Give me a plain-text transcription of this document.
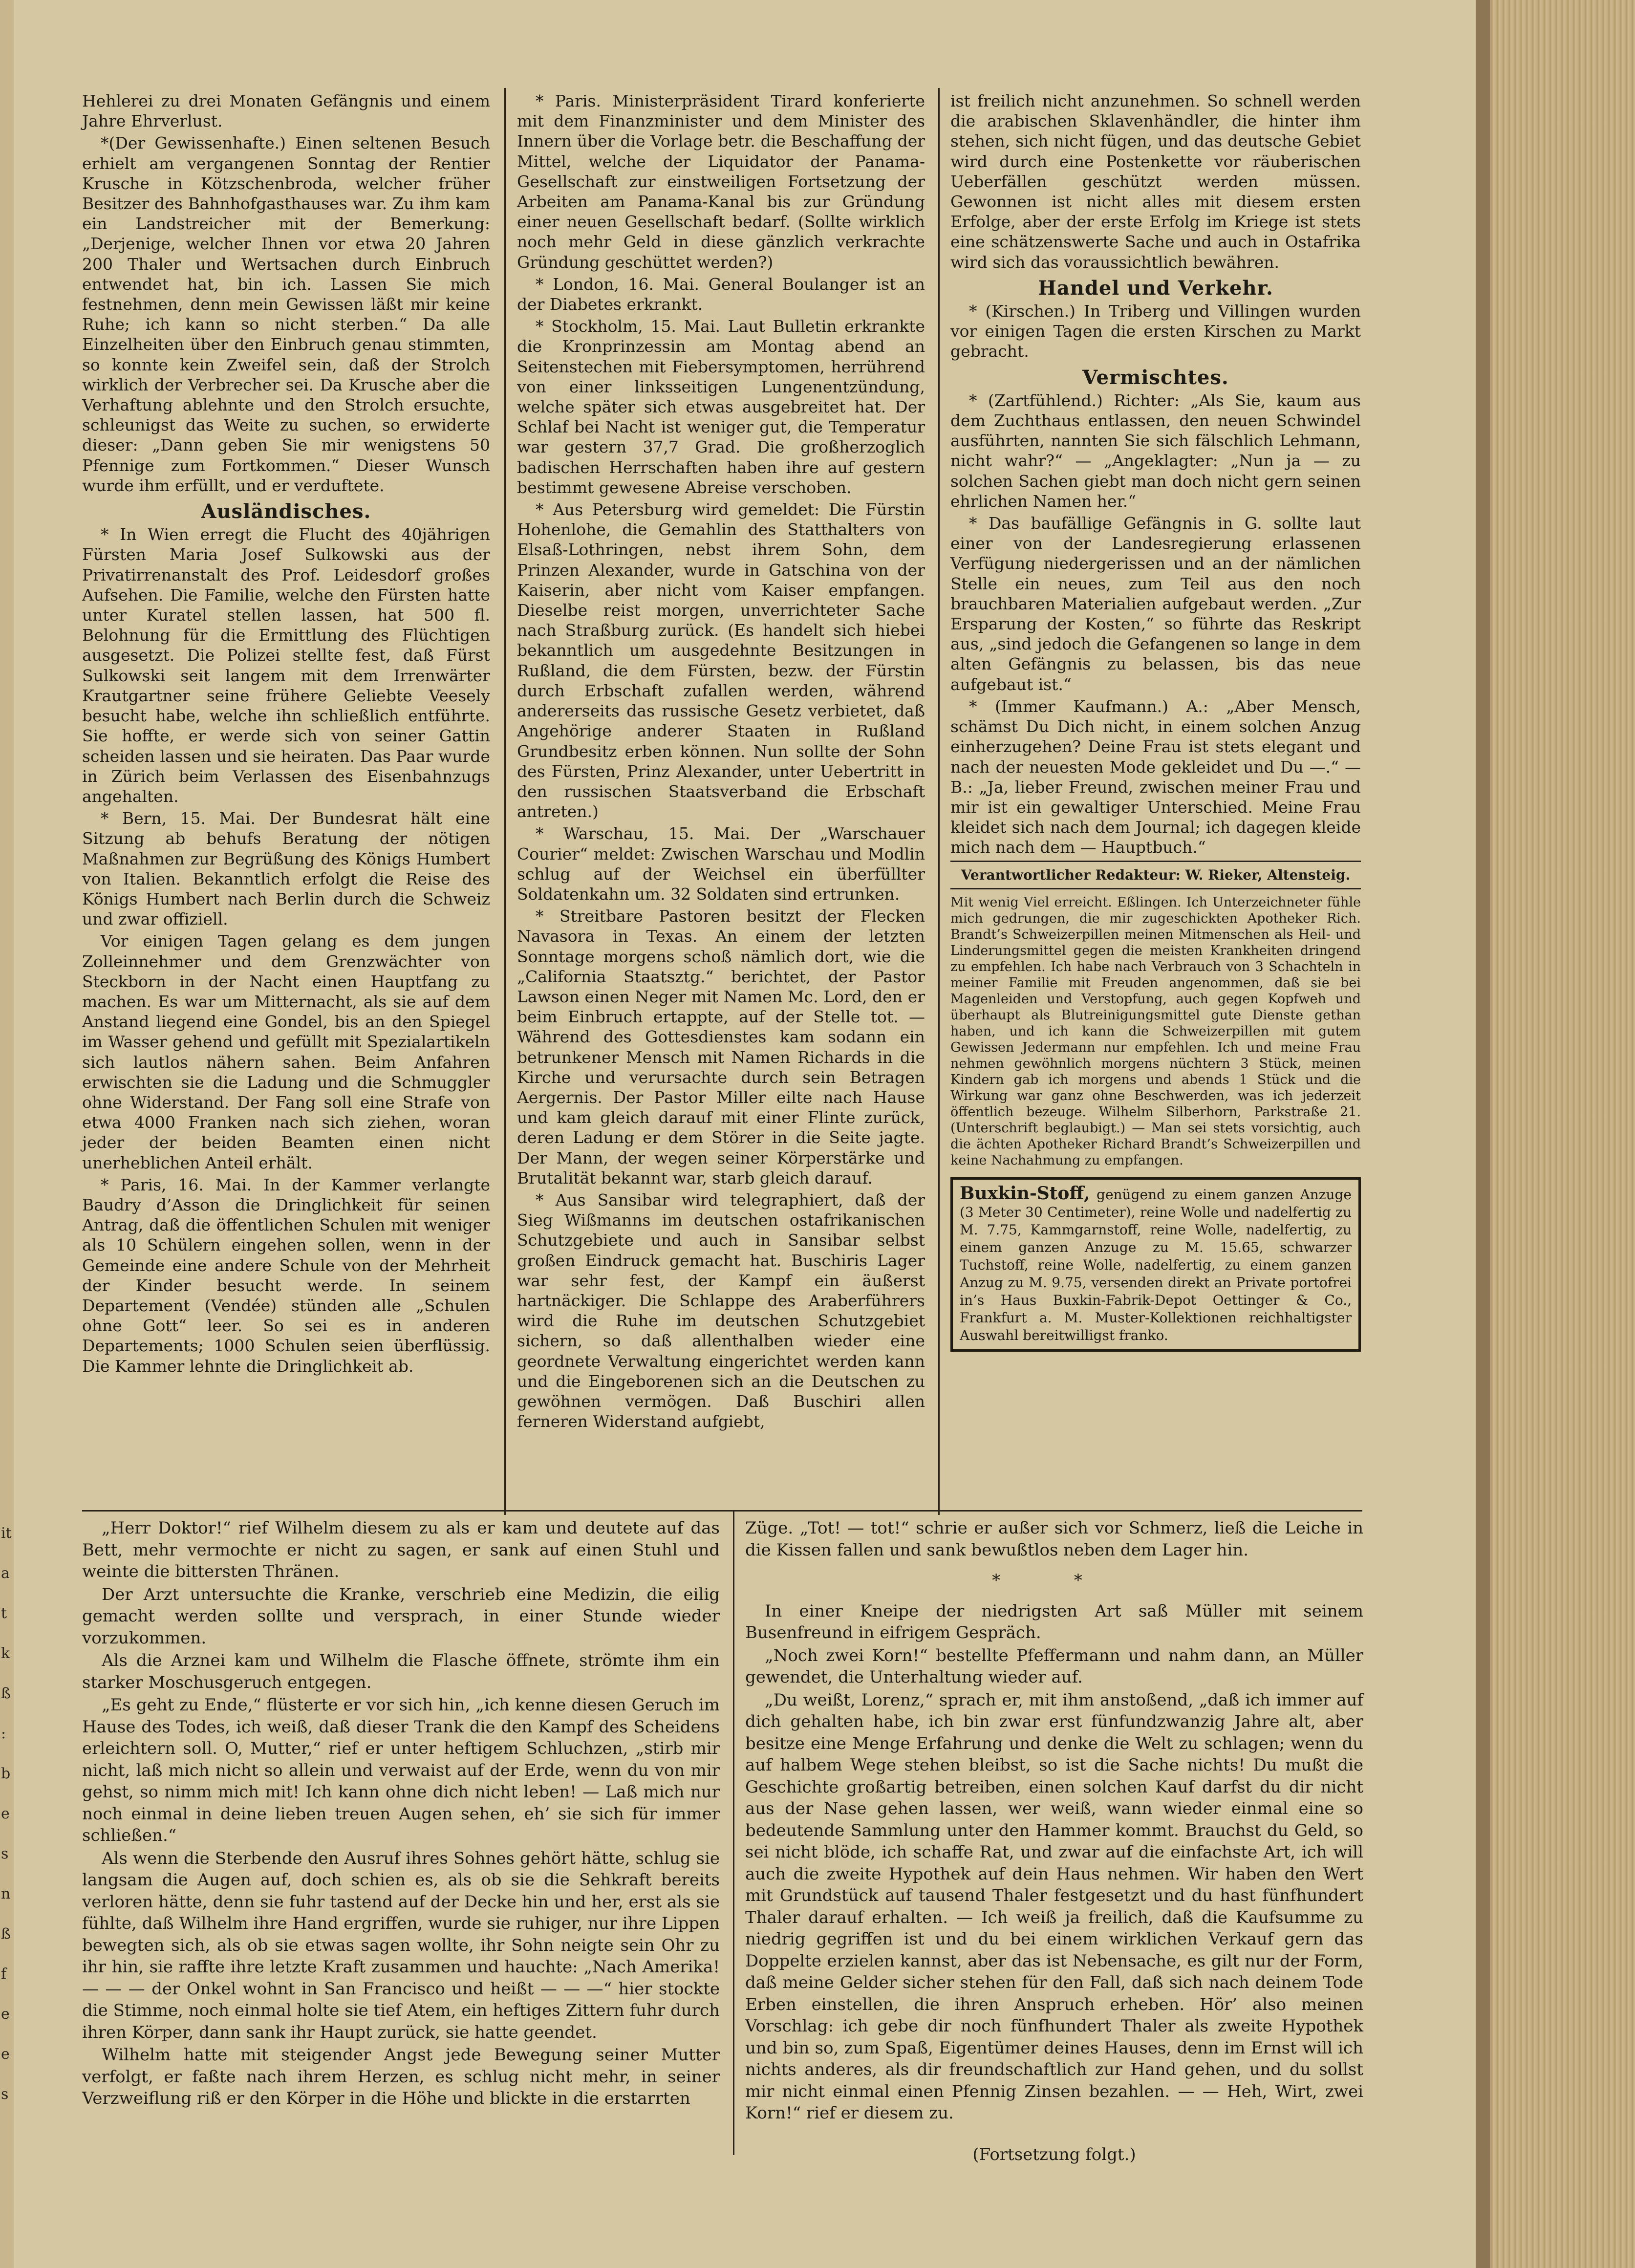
Hehlerei zu drei Monaten Gefängnis und einem Jahre Ehrverlust.

*(Der Gewissenhafte.) Einen seltenen Besuch erhielt am vergangenen Sonntag der Rentier Krusche in Kötzschenbroda, welcher früher Besitzer des Bahnhofgasthauses war. Zu ihm kam ein Landstreicher mit der Bemerkung: „Derjenige, welcher Ihnen vor etwa 20 Jahren 200 Thaler und Wertsachen durch Einbruch entwendet hat, bin ich. Lassen Sie mich festnehmen, denn mein Gewissen läßt mir keine Ruhe; ich kann so nicht sterben.“ Da alle Einzelheiten über den Einbruch genau stimmten, so konnte kein Zweifel sein, daß der Strolch wirklich der Verbrecher sei. Da Krusche aber die Verhaftung ablehnte und den Strolch ersuchte, schleunigst das Weite zu suchen, so erwiderte dieser: „Dann geben Sie mir wenigstens 50 Pfennige zum Fortkommen.“ Dieser Wunsch wurde ihm erfüllt, und er verduftete.

Ausländisches.

* In Wien erregt die Flucht des 40jährigen Fürsten Maria Josef Sulkowski aus der Privatirrenanstalt des Prof. Leidesdorf großes Aufsehen. Die Familie, welche den Fürsten hatte unter Kuratel stellen lassen, hat 500 fl. Belohnung für die Ermittlung des Flüchtigen ausgesetzt. Die Polizei stellte fest, daß Fürst Sulkowski seit langem mit dem Irrenwärter Krautgartner seine frühere Geliebte Veesely besucht habe, welche ihn schließlich entführte. Sie hoffte, er werde sich von seiner Gattin scheiden lassen und sie heiraten. Das Paar wurde in Zürich beim Verlassen des Eisenbahnzugs angehalten.

* Bern, 15. Mai. Der Bundesrat hält eine Sitzung ab behufs Beratung der nötigen Maßnahmen zur Begrüßung des Königs Humbert von Italien. Bekanntlich erfolgt die Reise des Königs Humbert nach Berlin durch die Schweiz und zwar offiziell.

Vor einigen Tagen gelang es dem jungen Zolleinnehmer und dem Grenzwächter von Steckborn in der Nacht einen Hauptfang zu machen. Es war um Mitternacht, als sie auf dem Anstand liegend eine Gondel, bis an den Spiegel im Wasser gehend und gefüllt mit Spezialartikeln sich lautlos nähern sahen. Beim Anfahren erwischten sie die Ladung und die Schmuggler ohne Widerstand. Der Fang soll eine Strafe von etwa 4000 Franken nach sich ziehen, woran jeder der beiden Beamten einen nicht unerheblichen Anteil erhält.

* Paris, 16. Mai. In der Kammer verlangte Baudry d’Asson die Dringlichkeit für seinen Antrag, daß die öffentlichen Schulen mit weniger als 10 Schülern eingehen sollen, wenn in der Gemeinde eine andere Schule von der Mehrheit der Kinder besucht werde. In seinem Departement (Vendée) stünden alle „Schulen ohne Gott“ leer. So sei es in anderen Departements; 1000 Schulen seien überflüssig. Die Kammer lehnte die Dringlichkeit ab.

* Paris. Ministerpräsident Tirard konferierte mit dem Finanzminister und dem Minister des Innern über die Vorlage betr. die Beschaffung der Mittel, welche der Liquidator der Panama-Gesellschaft zur einstweiligen Fortsetzung der Arbeiten am Panama-Kanal bis zur Gründung einer neuen Gesellschaft bedarf. (Sollte wirklich noch mehr Geld in diese gänzlich verkrachte Gründung geschüttet werden?)

* London, 16. Mai. General Boulanger ist an der Diabetes erkrankt.

* Stockholm, 15. Mai. Laut Bulletin erkrankte die Kronprinzessin am Montag abend an Seitenstechen mit Fiebersymptomen, herrührend von einer linksseitigen Lungenentzündung, welche später sich etwas ausgebreitet hat. Der Schlaf bei Nacht ist weniger gut, die Temperatur war gestern 37,7 Grad. Die großherzoglich badischen Herrschaften haben ihre auf gestern bestimmt gewesene Abreise verschoben.

* Aus Petersburg wird gemeldet: Die Fürstin Hohenlohe, die Gemahlin des Statthalters von Elsaß-Lothringen, nebst ihrem Sohn, dem Prinzen Alexander, wurde in Gatschina von der Kaiserin, aber nicht vom Kaiser empfangen. Dieselbe reist morgen, unverrichteter Sache nach Straßburg zurück. (Es handelt sich hiebei bekanntlich um ausgedehnte Besitzungen in Rußland, die dem Fürsten, bezw. der Fürstin durch Erbschaft zufallen werden, während andererseits das russische Gesetz verbietet, daß Angehörige anderer Staaten in Rußland Grundbesitz erben können. Nun sollte der Sohn des Fürsten, Prinz Alexander, unter Uebertritt in den russischen Staatsverband die Erbschaft antreten.)

* Warschau, 15. Mai. Der „Warschauer Courier“ meldet: Zwischen Warschau und Modlin schlug auf der Weichsel ein überfüllter Soldatenkahn um. 32 Soldaten sind ertrunken.

* Streitbare Pastoren besitzt der Flecken Navasora in Texas. An einem der letzten Sonntage morgens schoß nämlich dort, wie die „California Staatsztg.“ berichtet, der Pastor Lawson einen Neger mit Namen Mc. Lord, den er beim Einbruch ertappte, auf der Stelle tot. — Während des Gottesdienstes kam sodann ein betrunkener Mensch mit Namen Richards in die Kirche und verursachte durch sein Betragen Aergernis. Der Pastor Miller eilte nach Hause und kam gleich darauf mit einer Flinte zurück, deren Ladung er dem Störer in die Seite jagte. Der Mann, der wegen seiner Körperstärke und Brutalität bekannt war, starb gleich darauf.

* Aus Sansibar wird telegraphiert, daß der Sieg Wißmanns im deutschen ostafrikanischen Schutzgebiete und auch in Sansibar selbst großen Eindruck gemacht hat. Buschiris Lager war sehr fest, der Kampf ein äußerst hartnäckiger. Die Schlappe des Araberführers wird die Ruhe im deutschen Schutzgebiet sichern, so daß allenthalben wieder eine geordnete Verwaltung eingerichtet werden kann und die Eingeborenen sich an die Deutschen zu gewöhnen vermögen. Daß Buschiri allen ferneren Widerstand aufgiebt,

ist freilich nicht anzunehmen. So schnell werden die arabischen Sklavenhändler, die hinter ihm stehen, sich nicht fügen, und das deutsche Gebiet wird durch eine Postenkette vor räuberischen Ueberfällen geschützt werden müssen. Gewonnen ist nicht alles mit diesem ersten Erfolge, aber der erste Erfolg im Kriege ist stets eine schätzenswerte Sache und auch in Ostafrika wird sich das voraussichtlich bewähren.

Handel und Verkehr.

* (Kirschen.) In Triberg und Villingen wurden vor einigen Tagen die ersten Kirschen zu Markt gebracht.

Vermischtes.

* (Zartfühlend.) Richter: „Als Sie, kaum aus dem Zuchthaus entlassen, den neuen Schwindel ausführten, nannten Sie sich fälschlich Lehmann, nicht wahr?“ — „Angeklagter: „Nun ja — zu solchen Sachen giebt man doch nicht gern seinen ehrlichen Namen her.“

* Das baufällige Gefängnis in G. sollte laut einer von der Landesregierung erlassenen Verfügung niedergerissen und an der nämlichen Stelle ein neues, zum Teil aus den noch brauchbaren Materialien aufgebaut werden. „Zur Ersparung der Kosten,“ so führte das Reskript aus, „sind jedoch die Gefangenen so lange in dem alten Gefängnis zu belassen, bis das neue aufgebaut ist.“

* (Immer Kaufmann.) A.: „Aber Mensch, schämst Du Dich nicht, in einem solchen Anzug einherzugehen? Deine Frau ist stets elegant und nach der neuesten Mode gekleidet und Du —.“ — B.: „Ja, lieber Freund, zwischen meiner Frau und mir ist ein gewaltiger Unterschied. Meine Frau kleidet sich nach dem Journal; ich dagegen kleide mich nach dem — Hauptbuch.“

Verantwortlicher Redakteur: W. Rieker, Altensteig.
Mit wenig Viel erreicht. Eßlingen. Ich Unterzeichneter fühle mich gedrungen, die mir zugeschickten Apotheker Rich. Brandt’s Schweizerpillen meinen Mitmenschen als Heil- und Linderungsmittel gegen die meisten Krankheiten dringend zu empfehlen. Ich habe nach Verbrauch von 3 Schachteln in meiner Familie mit Freuden angenommen, daß sie bei Magenleiden und Verstopfung, auch gegen Kopfweh und überhaupt als Blutreinigungsmittel gute Dienste gethan haben, und ich kann die Schweizerpillen mit gutem Gewissen Jedermann nur empfehlen. Ich und meine Frau nehmen gewöhnlich morgens nüchtern 3 Stück, meinen Kindern gab ich morgens und abends 1 Stück und die Wirkung war ganz ohne Beschwerden, was ich jederzeit öffentlich bezeuge. Wilhelm Silberhorn, Parkstraße 21. (Unterschrift beglaubigt.) — Man sei stets vorsichtig, auch die ächten Apotheker Richard Brandt’s Schweizerpillen und keine Nachahmung zu empfangen.
Buxkin-Stoff, genügend zu einem ganzen Anzuge (3 Meter 30 Centimeter), reine Wolle und nadelfertig zu M. 7.75, Kammgarnstoff, reine Wolle, nadelfertig, zu einem ganzen Anzuge zu M. 15.65, schwarzer Tuchstoff, reine Wolle, nadelfertig, zu einem ganzen Anzug zu M. 9.75, versenden direkt an Private portofrei in’s Haus Buxkin-Fabrik-Depot Oettinger & Co., Frankfurt a. M. Muster-Kollektionen reichhaltigster Auswahl bereitwilligst franko.

„Herr Doktor!“ rief Wilhelm diesem zu als er kam und deutete auf das Bett, mehr vermochte er nicht zu sagen, er sank auf einen Stuhl und weinte die bittersten Thränen.

Der Arzt untersuchte die Kranke, verschrieb eine Medizin, die eilig gemacht werden sollte und versprach, in einer Stunde wieder vorzukommen.

Als die Arznei kam und Wilhelm die Flasche öffnete, strömte ihm ein starker Moschusgeruch entgegen.

„Es geht zu Ende,“ flüsterte er vor sich hin, „ich kenne diesen Geruch im Hause des Todes, ich weiß, daß dieser Trank die den Kampf des Scheidens erleichtern soll. O, Mutter,“ rief er unter heftigem Schluchzen, „stirb mir nicht, laß mich nicht so allein und verwaist auf der Erde, wenn du von mir gehst, so nimm mich mit! Ich kann ohne dich nicht leben! — Laß mich nur noch einmal in deine lieben treuen Augen sehen, eh’ sie sich für immer schließen.“

Als wenn die Sterbende den Ausruf ihres Sohnes gehört hätte, schlug sie langsam die Augen auf, doch schien es, als ob sie die Sehkraft bereits verloren hätte, denn sie fuhr tastend auf der Decke hin und her, erst als sie fühlte, daß Wilhelm ihre Hand ergriffen, wurde sie ruhiger, nur ihre Lippen bewegten sich, als ob sie etwas sagen wollte, ihr Sohn neigte sein Ohr zu ihr hin, sie raffte ihre letzte Kraft zusammen und hauchte: „Nach Amerika! — — — der Onkel wohnt in San Francisco und heißt — — —“ hier stockte die Stimme, noch einmal holte sie tief Atem, ein heftiges Zittern fuhr durch ihren Körper, dann sank ihr Haupt zurück, sie hatte geendet.

Wilhelm hatte mit steigender Angst jede Bewegung seiner Mutter verfolgt, er faßte nach ihrem Herzen, es schlug nicht mehr, in seiner Verzweiflung riß er den Körper in die Höhe und blickte in die erstarrten

Züge. „Tot! — tot!“ schrie er außer sich vor Schmerz, ließ die Leiche in die Kissen fallen und sank bewußtlos neben dem Lager hin.

* *

In einer Kneipe der niedrigsten Art saß Müller mit seinem Busenfreund in eifrigem Gespräch.

„Noch zwei Korn!“ bestellte Pfeffermann und nahm dann, an Müller gewendet, die Unterhaltung wieder auf.

„Du weißt, Lorenz,“ sprach er, mit ihm anstoßend, „daß ich immer auf dich gehalten habe, ich bin zwar erst fünfundzwanzig Jahre alt, aber besitze eine Menge Erfahrung und denke die Welt zu schlagen; wenn du auf halbem Wege stehen bleibst, so ist die Sache nichts! Du mußt die Geschichte großartig betreiben, einen solchen Kauf darfst du dir nicht aus der Nase gehen lassen, wer weiß, wann wieder einmal eine so bedeutende Sammlung unter den Hammer kommt. Brauchst du Geld, so sei nicht blöde, ich schaffe Rat, und zwar auf die einfachste Art, ich will auch die zweite Hypothek auf dein Haus nehmen. Wir haben den Wert mit Grundstück auf tausend Thaler festgesetzt und du hast fünfhundert Thaler darauf erhalten. — Ich weiß ja freilich, daß die Kaufsumme zu niedrig gegriffen ist und du bei einem wirklichen Verkauf gern das Doppelte erzielen kannst, aber das ist Nebensache, es gilt nur der Form, daß meine Gelder sicher stehen für den Fall, daß sich nach deinem Tode Erben einstellen, die ihren Anspruch erheben. Hör’ also meinen Vorschlag: ich gebe dir noch fünfhundert Thaler als zweite Hypothek und bin so, zum Spaß, Eigentümer deines Hauses, denn im Ernst will ich nichts anderes, als dir freundschaftlich zur Hand gehen, und du sollst mir nicht einmal einen Pfennig Zinsen bezahlen. — — Heh, Wirt, zwei Korn!“ rief er diesem zu.

(Fortsetzung folgt.)
it
a
t
k
ß
:
b
e
s
n
ß
f
e
e
s
